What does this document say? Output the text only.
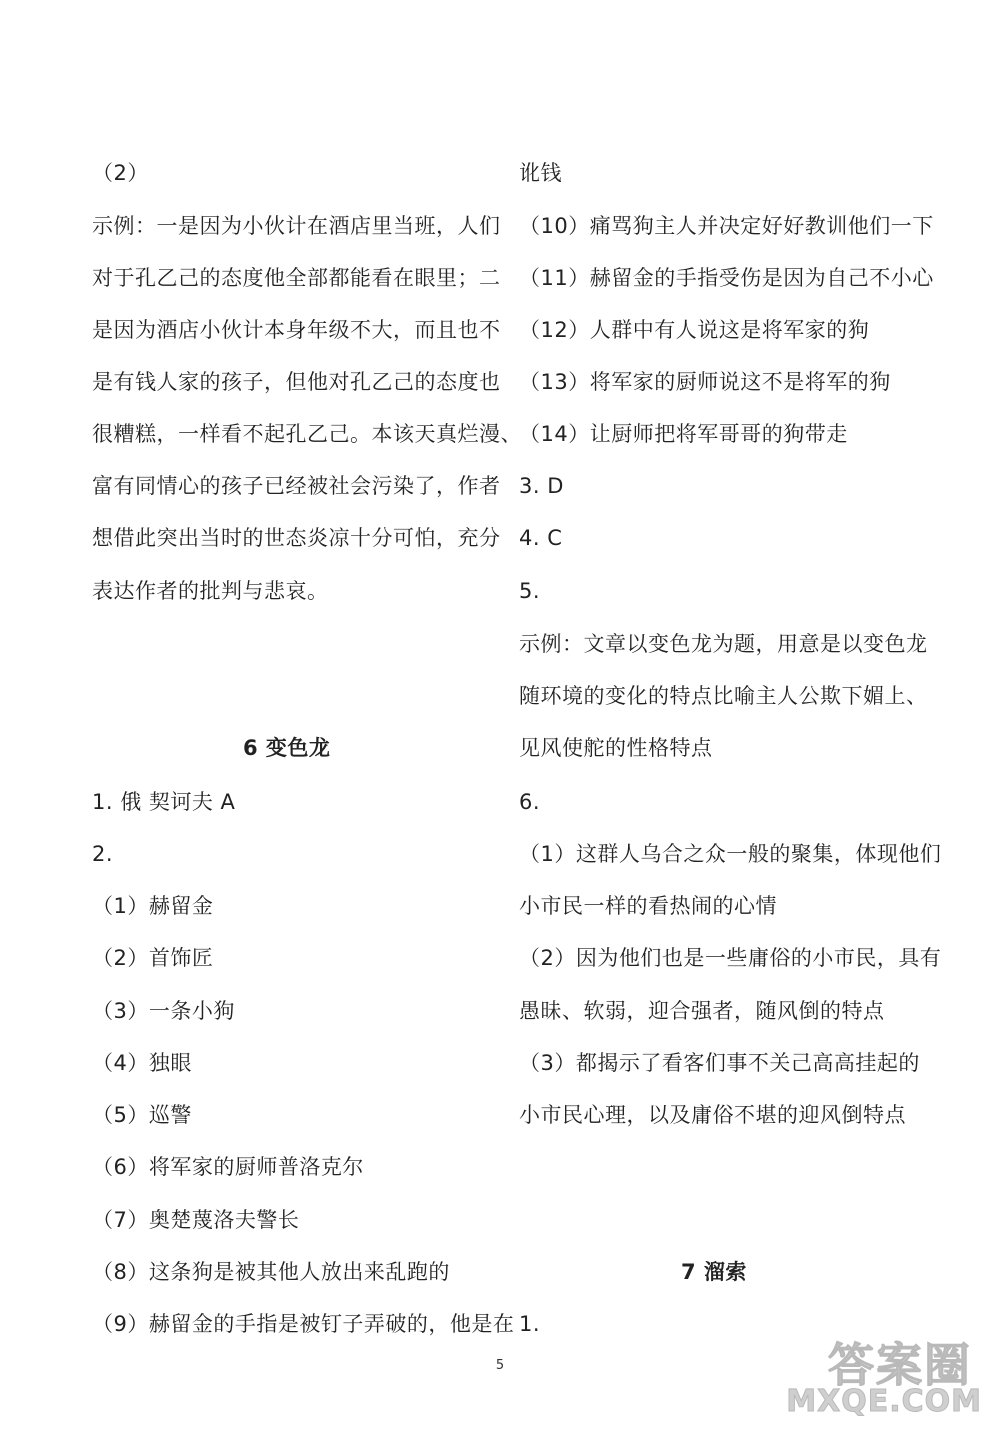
（2）
示例：一是因为小伙计在酒店里当班，人们
对于孔乙己的态度他全部都能看在眼里；二
是因为酒店小伙计本身年级不大，而且也不
是有钱人家的孩子，但他对孔乙己的态度也
很糟糕，一样看不起孔乙己。本该天真烂漫、
富有同情心的孩子已经被社会污染了，作者
想借此突出当时的世态炎凉十分可怕，充分
表达作者的批判与悲哀。
6 变色龙
1. 俄 契诃夫 A
2.
（1）赫留金
（2）首饰匠
（3）一条小狗
（4）独眼
（5）巡警
（6）将军家的厨师普洛克尔
（7）奥楚蔑洛夫警长
（8）这条狗是被其他人放出来乱跑的
（9）赫留金的手指是被钉子弄破的，他是在
讹钱
（10）痛骂狗主人并决定好好教训他们一下
（11）赫留金的手指受伤是因为自己不小心
（12）人群中有人说这是将军家的狗
（13）将军家的厨师说这不是将军的狗
（14）让厨师把将军哥哥的狗带走
3. D
4. C
5.
示例：文章以变色龙为题，用意是以变色龙
随环境的变化的特点比喻主人公欺下媚上、
见风使舵的性格特点
6.
（1）这群人乌合之众一般的聚集，体现他们
小市民一样的看热闹的心情
（2）因为他们也是一些庸俗的小市民，具有
愚昧、软弱，迎合强者，随风倒的特点
（3）都揭示了看客们事不关己高高挂起的
小市民心理，以及庸俗不堪的迎风倒特点
7 溜索
1.
5	答案圈
MXQE.COM
